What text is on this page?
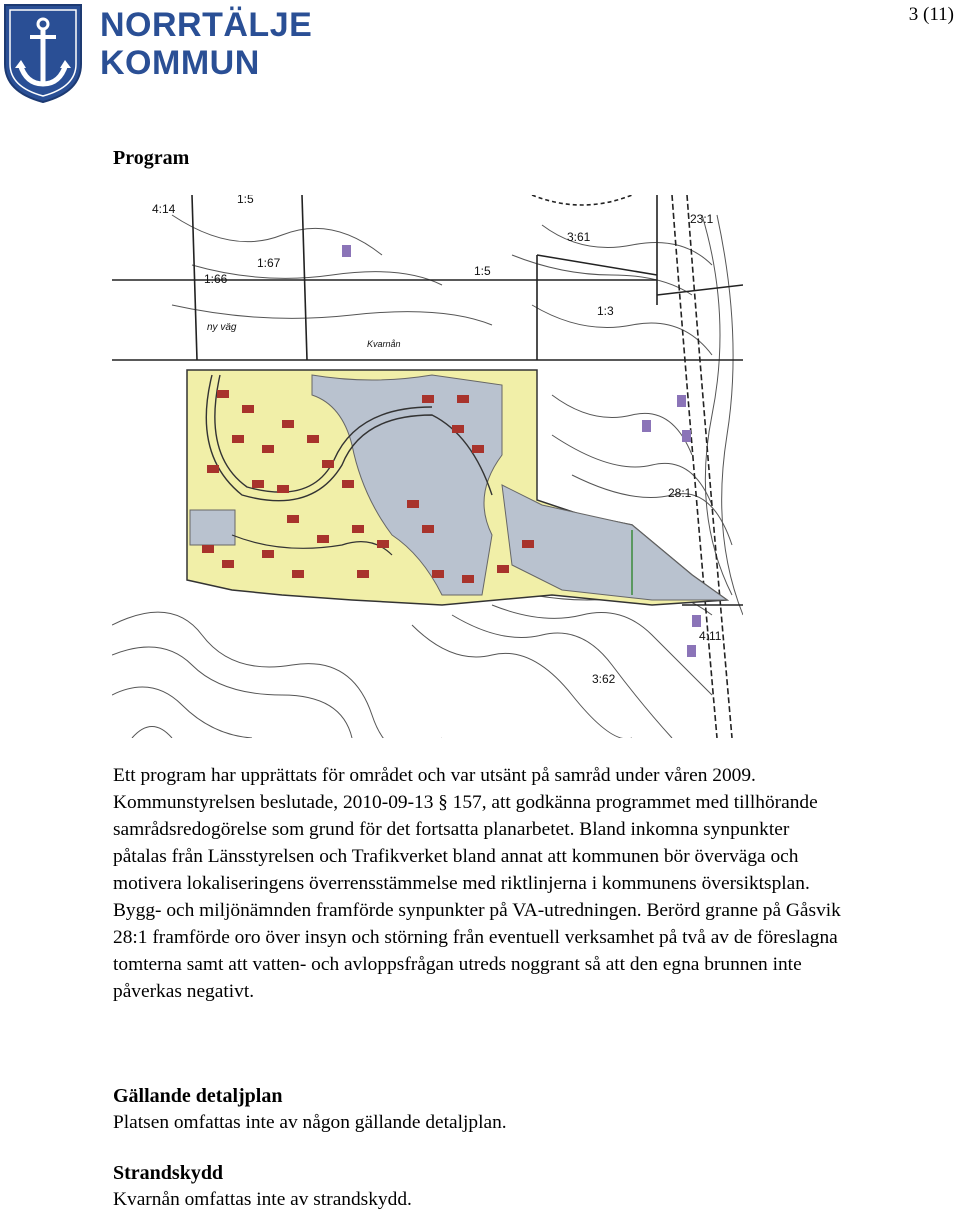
NORRTÄLJE
KOMMUN
3 (11)
Program
4:14
1:5
1:67
1:66
1:5
3:61
23:1
1:3
28:1
4:11
3:62
ny väg
Kvarnån

Ett program har upprättats för området och var utsänt på samråd under våren 2009. Kommunstyrelsen beslutade, 2010-09-13 § 157, att godkänna programmet med tillhörande samrådsredogörelse som grund för det fortsatta planarbetet. Bland inkomna synpunkter påtalas från Länsstyrelsen och Trafikverket bland annat att kommunen bör överväga och motivera lokaliseringens överrensstämmelse med riktlinjerna i kommunens översiktsplan. Bygg- och miljönämnden framförde synpunkter på VA-utredningen. Berörd granne på Gåsvik 28:1 framförde oro över insyn och störning från eventuell verksamhet på två av de föreslagna tomterna samt att vatten- och avloppsfrågan utreds noggrant så att den egna brunnen inte påverkas negativt.

Gällande detaljplan
Platsen omfattas inte av någon gällande detaljplan.
Strandskydd
Kvarnån omfattas inte av strandskydd.
